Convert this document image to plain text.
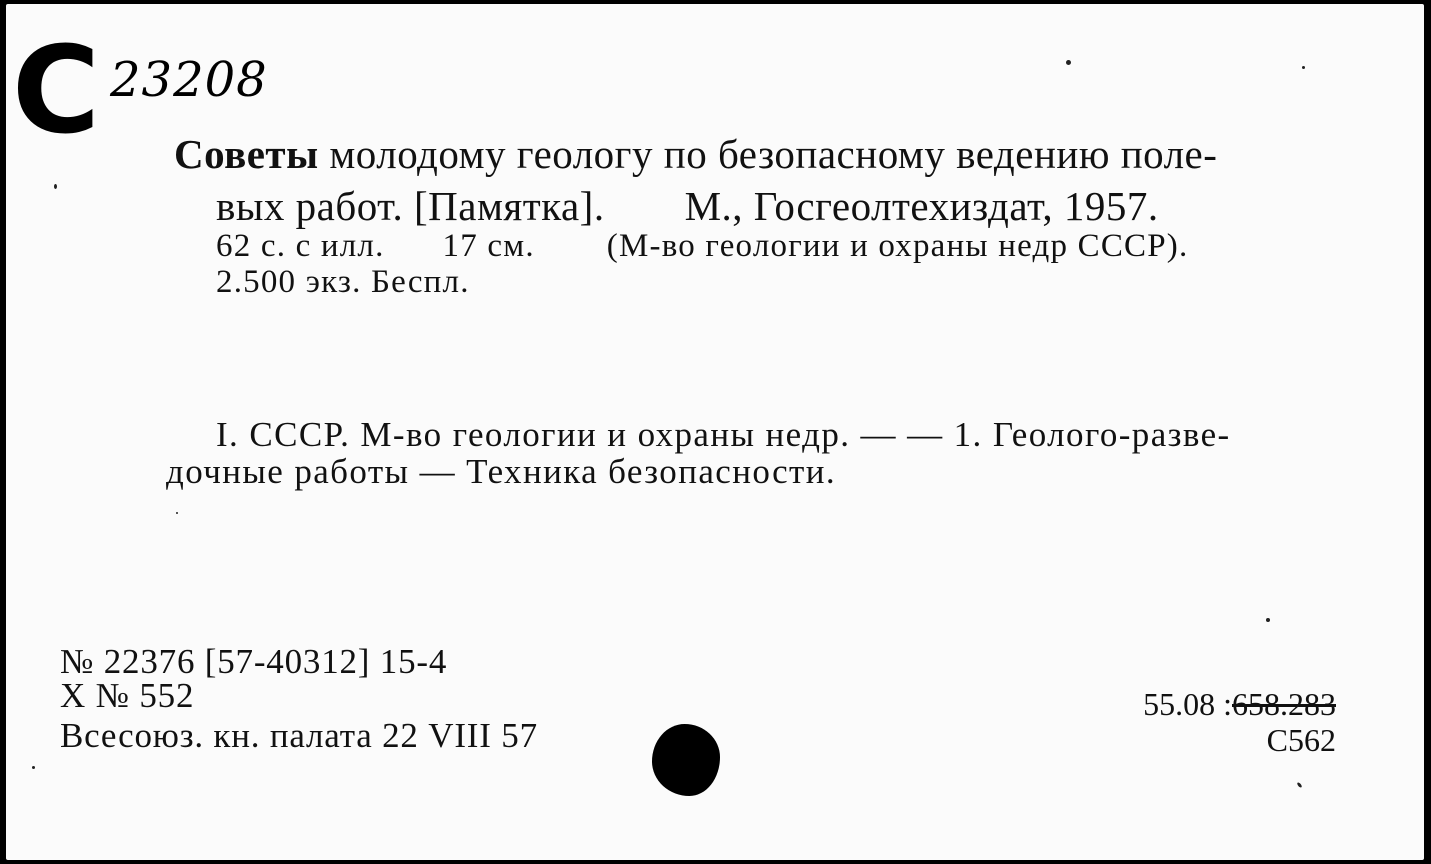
С 23208
Советы молодому геологу по безопасному ведению поле-
вых работ. [Памятка]. М., Госгеолтехиздат, 1957.
62 с. с илл. 17 см. (М-во геологии и охраны недр СССР).
2.500 экз. Беспл.
I. СССР. М-во геологии и охраны недр. — — 1. Геолого-разве-
дочные работы — Техника безопасности.
№ 22376 [57-40312] 15-4
X № 552
Всесоюз. кн. палата 22 VIII 57
55.08 :658.283
С562
